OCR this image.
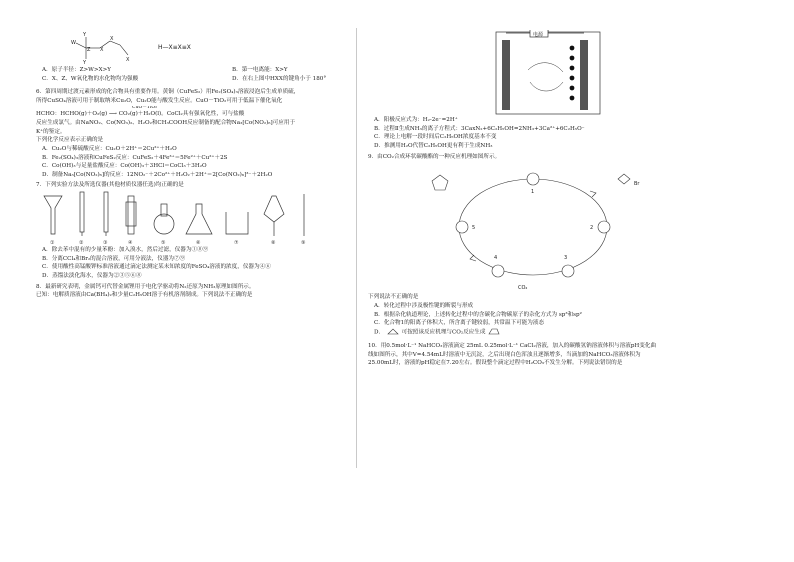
Y
Y
W
Z X
X
X
H—X≡X≡X
A．原子半径：Z>W>X>Y	B．第一电离能：X>Y
C．X、Z、W氧化物的水化物均为强酸	D．在右上图中HXX的键角小于 180°
6．第四周期过渡元素形成的化合物具有重要作用。黄铜（CuFeS₂）用Fe₂(SO₄)₃溶液浸泡后生成单质硫，
所得CuSO₄溶液可用于制取纳米Cu₂O，Cu₂O能与酸发生反应。CuO－TiO₂可用于低温下催化氧化
CuO－TiO₂
HCHO：HCHO(g)＋O₂(g) ⟶ CO₂(g)＋H₂O(l)。CoCl₂具有强氧化性，可与盐酸
反应生成氯气。由NaNO₂、Co(NO₃)₂、H₂O₂和CH₃COOH反应制备的配合物Na₃[Co(NO₂)₆]可应用于
K⁺的鉴定。
下列化学反应表示正确的是
A．Cu₂O与稀硫酸反应：Cu₂O＋2H⁺＝2Cu²⁺＋H₂O
B．Fe₂(SO₄)₃溶液和CuFeS₂反应：CuFeS₂＋4Fe³⁺＝5Fe²⁺＋Cu²⁺＋2S
C．Co(OH)₃与足量盐酸反应：Co(OH)₃＋3HCl＝CoCl₃＋3H₂O
D．制备Na₃[Co(NO₂)₆]的反应：12NO₂⁻＋2Co²⁺＋H₂O₂＋2H⁺＝2[Co(NO₂)₆]³⁻＋2H₂O
7．下列实验方法及所选仪器(其他材质仪器任选)均正确的是
①	②	③	④	⑤	⑥	⑦	⑧	⑨
A．除去苯中混有的少量苯酚：加入溴水，然后过滤，仪器为①⑧⑨
B．分离CCl₄和Br₂的混合溶液，可用分液法，仪器为⑦⑨
C．使用酸性高锰酸钾标准溶液通过滴定法测定某未知浓度的FeSO₄溶液的浓度，仪器为④⑥
D．蒸馏法淡化海水，仪器为②③⑤⑥⑧
8．最新研究表明，金属钙可代替金属锂用于电化学驱动将N₂还原为NH₃原理如图所示。
已知：电解质溶液由Ca(BH₄)₂和少量C₂H₅OH溶于有机溶剂制成。下列说法不正确的是
电源
A．阳极反应式为：H₂-2e⁻=2H⁺
B．过程Ⅱ生成NH₃的离子方程式：3CaxN₂+6C₂H₅OH=2NH₃+3Ca²⁺+6C₂H₅O⁻
C．理论上电解一段时间后C₂H₅OH浓度基本不变
D．推测用H₂O代替C₂H₅OH更有利于生成NH₃
9．由CO₂合成环状碳酸酯的一种反应机理如图所示。
1
2
3
4
5
CO₂
Br
下列说法不正确的是
A．转化过程中涉及极性键的断裂与形成
B．根据杂化轨道理论，上述转化过程中的含碳化合物碳原子的杂化方式为 sp³和sp²
C．化合物1的阳离子体积大，所含离子键较弱，其常温下可能为液态
D．	可按照该反应机理与CO₂反应生成
10．用0.5mol·L⁻¹ NaHCO₃溶液滴定 25mL 0.25mol·L⁻¹ CaCl₂溶液，加入的碳酸氢钠溶液体积与溶液pH变化曲
线如图所示，其中V=4.54mL时溶液中无沉淀，之后出现白色浑浊且逐渐增多，当滴加的NaHCO₃溶液体积为
25.00mL时，溶液的pH稳定在7.20左右。假设整个滴定过程中H₂CO₃不发生分解。下列说法错误的是
